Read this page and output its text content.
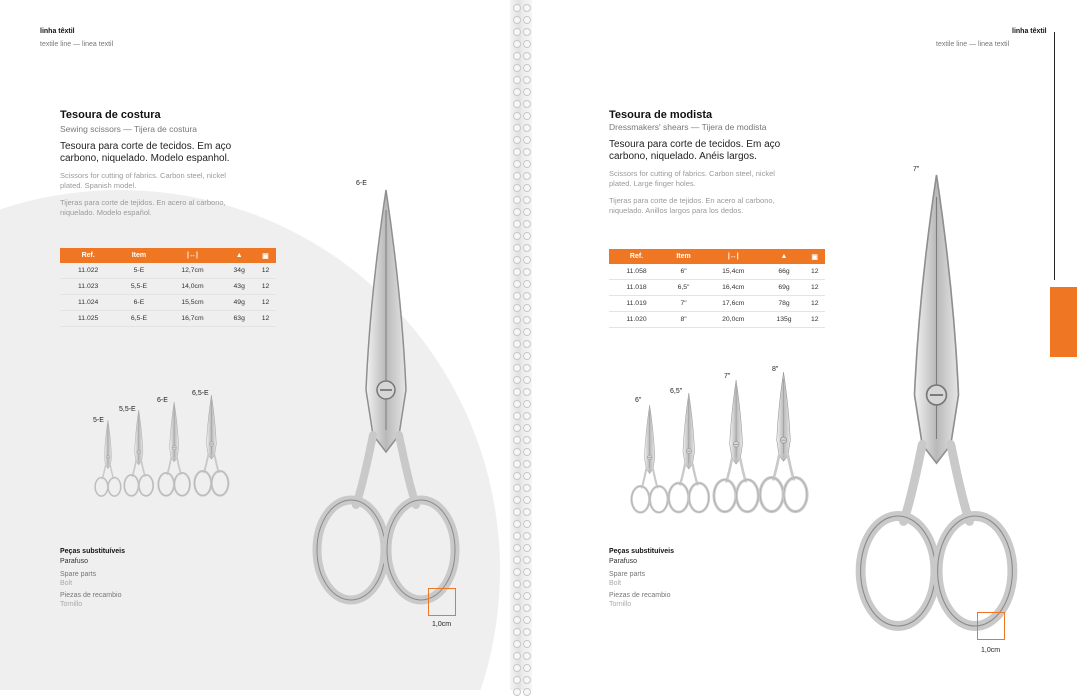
linha têxtil
textile line — linea textil
Tesoura de costura
Sewing scissors — Tijera de costura
Tesoura para corte de tecidos. Em aço
carbono, niquelado. Modelo espanhol.
Scissors for cutting of fabrics. Carbon steel, nickel
plated. Spanish model.
Tijeras para corte de tejidos. En acero al carbono,
niquelado. Modelo español.
Ref.	Item	|↔|	▲	▣
11.022	5-E	12,7cm	34g	12
11.023	5,5-E	14,0cm	43g	12
11.024	6-E	15,5cm	49g	12
11.025	6,5-E	16,7cm	63g	12
5-E
5,5-E
6-E
6,5-E
6-E
1,0cm
Peças substituíveis
Parafuso
Spare parts
Bolt
Piezas de recambio
Tornillo
linha têxtil
textile line — linea textil
Tesoura de modista
Dressmakers' shears — Tijera de modista
Tesoura para corte de tecidos. Em aço
carbono, niquelado. Anéis largos.
Scissors for cutting of fabrics. Carbon steel, nickel
plated. Large finger holes.
Tijeras para corte de tejidos. En acero al carbono,
niquelado. Anillos largos para los dedos.
Ref.	Item	|↔|	▲	▣
11.058	6"	15,4cm	66g	12
11.018	6,5"	16,4cm	69g	12
11.019	7"	17,6cm	78g	12
11.020	8"	20,0cm	135g	12
6"
6,5"
7"
8"
7"
1,0cm
Peças substituíveis
Parafuso
Spare parts
Bolt
Piezas de recambio
Tornillo
